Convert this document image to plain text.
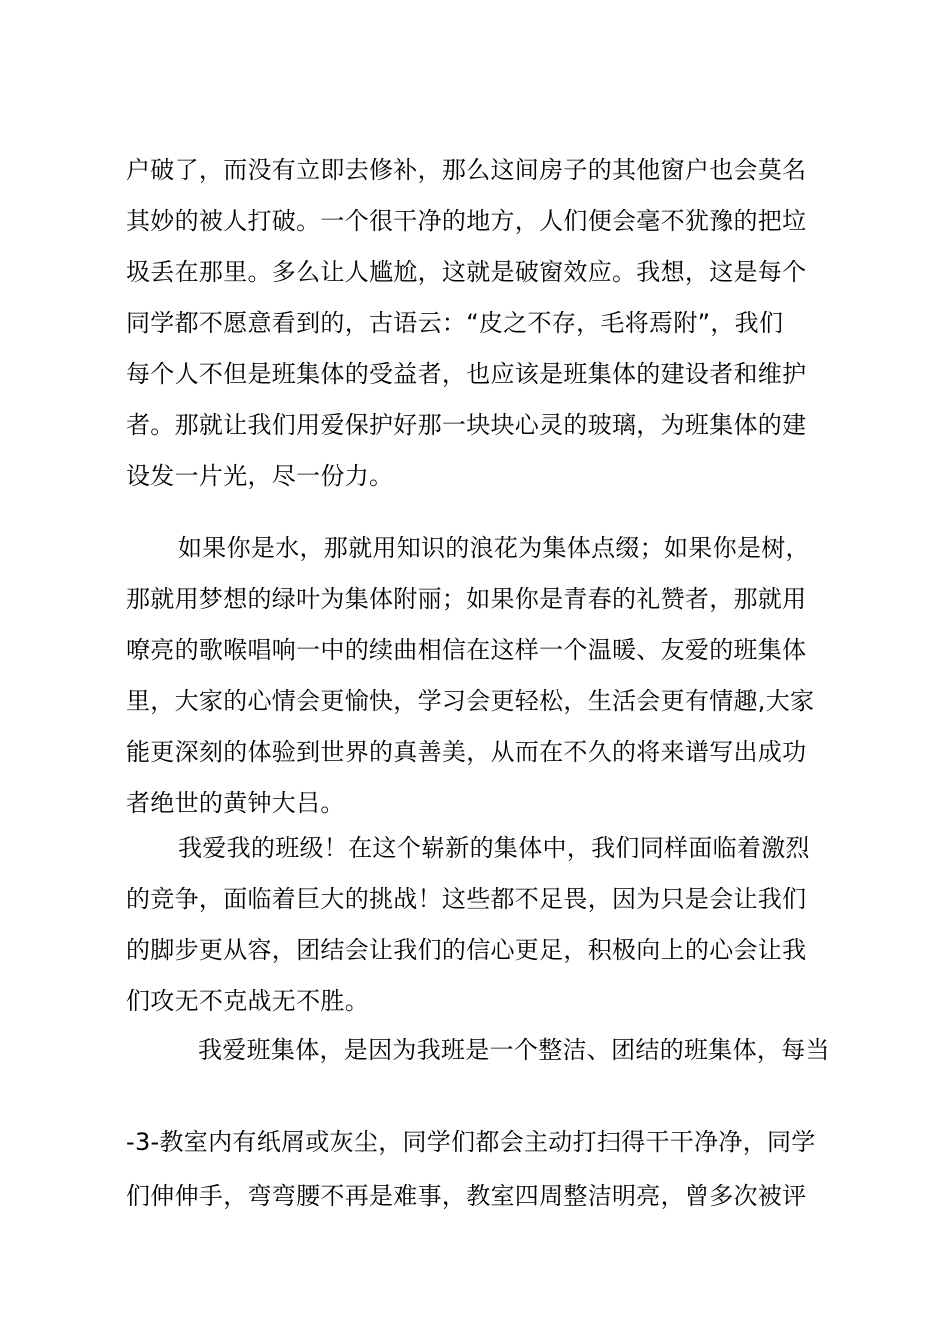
户破了，而没有立即去修补，那么这间房子的其他窗户也会莫名
其妙的被人打破。一个很干净的地方，人们便会毫不犹豫的把垃
圾丢在那里。多么让人尴尬，这就是破窗效应。我想，这是每个
同学都不愿意看到的，古语云：“皮之不存，毛将焉附”，我们
每个人不但是班集体的受益者，也应该是班集体的建设者和维护
者。那就让我们用爱保护好那一块块心灵的玻璃，为班集体的建
设发一片光，尽一份力。
如果你是水，那就用知识的浪花为集体点缀；如果你是树，
那就用梦想的绿叶为集体附丽；如果你是青春的礼赞者，那就用
嘹亮的歌喉唱响一中的续曲相信在这样一个温暖、友爱的班集体
里，大家的心情会更愉快，学习会更轻松，生活会更有情趣,大家
能更深刻的体验到世界的真善美，从而在不久的将来谱写出成功
者绝世的黄钟大吕。
我爱我的班级！在这个崭新的集体中，我们同样面临着激烈
的竞争，面临着巨大的挑战！这些都不足畏，因为只是会让我们
的脚步更从容，团结会让我们的信心更足，积极向上的心会让我
们攻无不克战无不胜。
我爱班集体，是因为我班是一个整洁、团结的班集体，每当
-3-教室内有纸屑或灰尘，同学们都会主动打扫得干干净净，同学
们伸伸手，弯弯腰不再是难事，教室四周整洁明亮，曾多次被评
